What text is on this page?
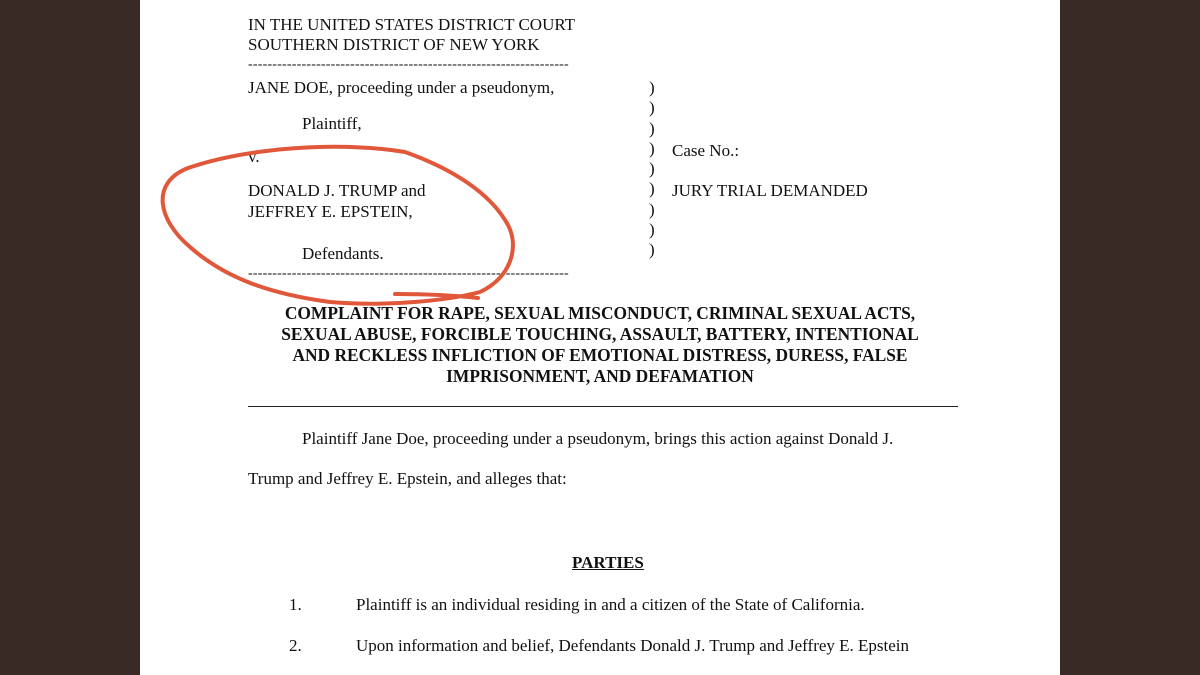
IN THE UNITED STATES DISTRICT COURT
SOUTHERN DISTRICT OF NEW YORK
------------------------------------------------------------------
JANE DOE, proceeding under a pseudonym,
Plaintiff,
v.
DONALD J. TRUMP and
JEFFREY E. EPSTEIN,
Defendants.
------------------------------------------------------------------
)
)
)
)
)
)
)
)
)
Case No.:
JURY TRIAL DEMANDED
COMPLAINT FOR RAPE, SEXUAL MISCONDUCT, CRIMINAL SEXUAL ACTS,
SEXUAL ABUSE, FORCIBLE TOUCHING, ASSAULT, BATTERY, INTENTIONAL
AND RECKLESS INFLICTION OF EMOTIONAL DISTRESS, DURESS, FALSE
IMPRISONMENT, AND DEFAMATION
Plaintiff Jane Doe, proceeding under a pseudonym, brings this action against Donald J.
Trump and Jeffrey E. Epstein, and alleges that:
PARTIES
1.	Plaintiff is an individual residing in and a citizen of the State of California.
2.	Upon information and belief, Defendants Donald J. Trump and Jeffrey E. Epstein
